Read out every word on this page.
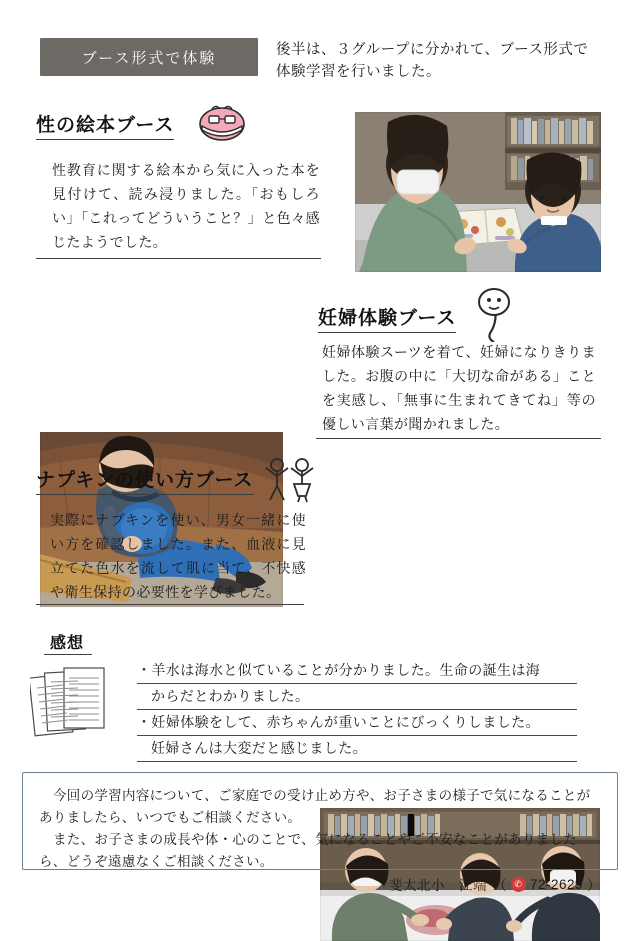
ブース形式で体験	後半は、３グループに分かれて、ブース形式で体験学習を行いました。
性の絵本ブース
性教育に関する絵本から気に入った本を見付けて、読み浸りました。「おもしろい」「これってどういうこと？」と色々感じたようでした。
妊婦体験ブース
妊婦体験スーツを着て、妊婦になりきりました。お腹の中に「大切な命がある」ことを実感し、「無事に生まれてきてね」等の優しい言葉が聞かれました。
ナプキンの使い方ブース
実際にナプキンを使い、男女一緒に使い方を確認しました。また、血液に見立てた色水を流して肌に当て、不快感や衛生保持の必要性を学びました。
感想
・羊水は海水と似ていることが分かりました。生命の誕生は海
からだとわかりました。
・妊婦体験をして、赤ちゃんが重いことにびっくりしました。
妊婦さんは大変だと感じました。

今回の学習内容について、ご家庭での受け止め方や、お子さまの様子で気になることがありましたら、いつでもご相談ください。

また、お子さまの成長や体・心のことで、気になることやご不安なことがありましたら、どうぞ遠慮なくご相談ください。

斐太北小　江端 （ ✆ 72-2629 ）
